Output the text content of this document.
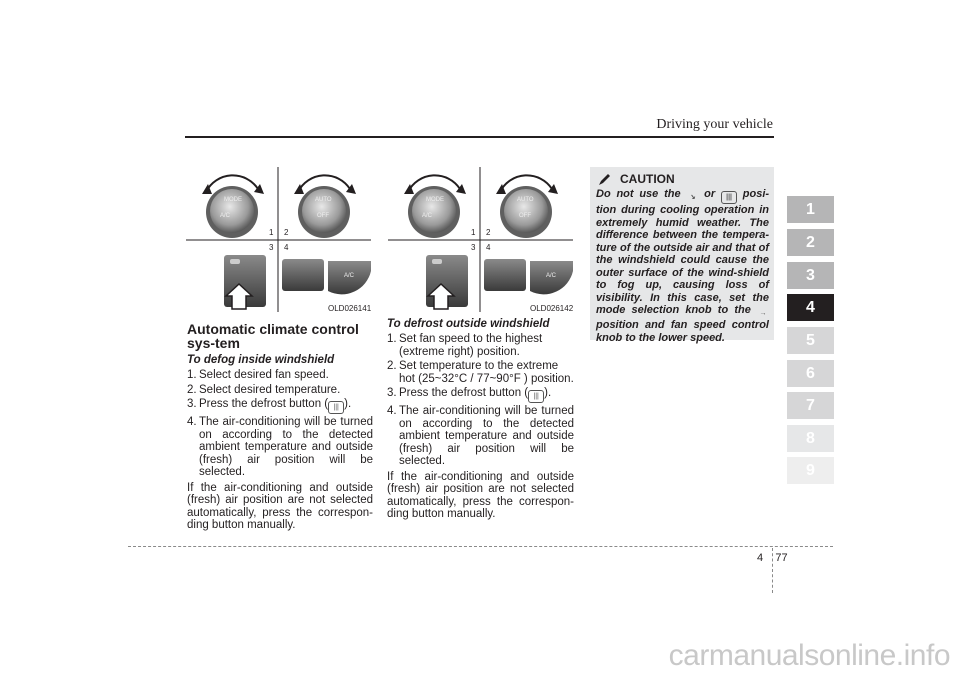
Driving your vehicle
1
2
3
4
5
6
7
8
9
A/C
MODE	AUTO
OFF
A/C
1 2
3 4
OLD026141
A/C
MODE	AUTO
OFF
A/C
1 2
3 4
OLD026142
Automatic climate control sys-tem
To defog inside windshield
1. Select desired fan speed.
2. Select desired temperature.
3. Press the defrost button ( ||| ).
4. The air-conditioning will be turned on according to the detected ambient temperature and outside (fresh) air position will be selected.
If the air-conditioning and outside (fresh) air position are not selected automatically, press the correspon-ding button manually.
To defrost outside windshield
1. Set fan speed to the highest (extreme right) position.
2. Set temperature to the extreme hot (25~32°C / 77~90°F ) position.
3. Press the defrost button ( ||| ).
4. The air-conditioning will be turned on according to the detected ambient temperature and outside (fresh) air position will be selected.
If the air-conditioning and outside (fresh) air position are not selected automatically, press the correspon-ding button manually.
CAUTION
Do not use the ↘ or ||| posi-tion during cooling operation in extremely humid weather. The difference between the tempera-ture of the outside air and that of the windshield could cause the outer surface of the wind-shield to fog up, causing loss of visibility. In this case, set the mode selection knob to the → position and fan speed control knob to the lower speed.
4 77
carmanualsonline.info
